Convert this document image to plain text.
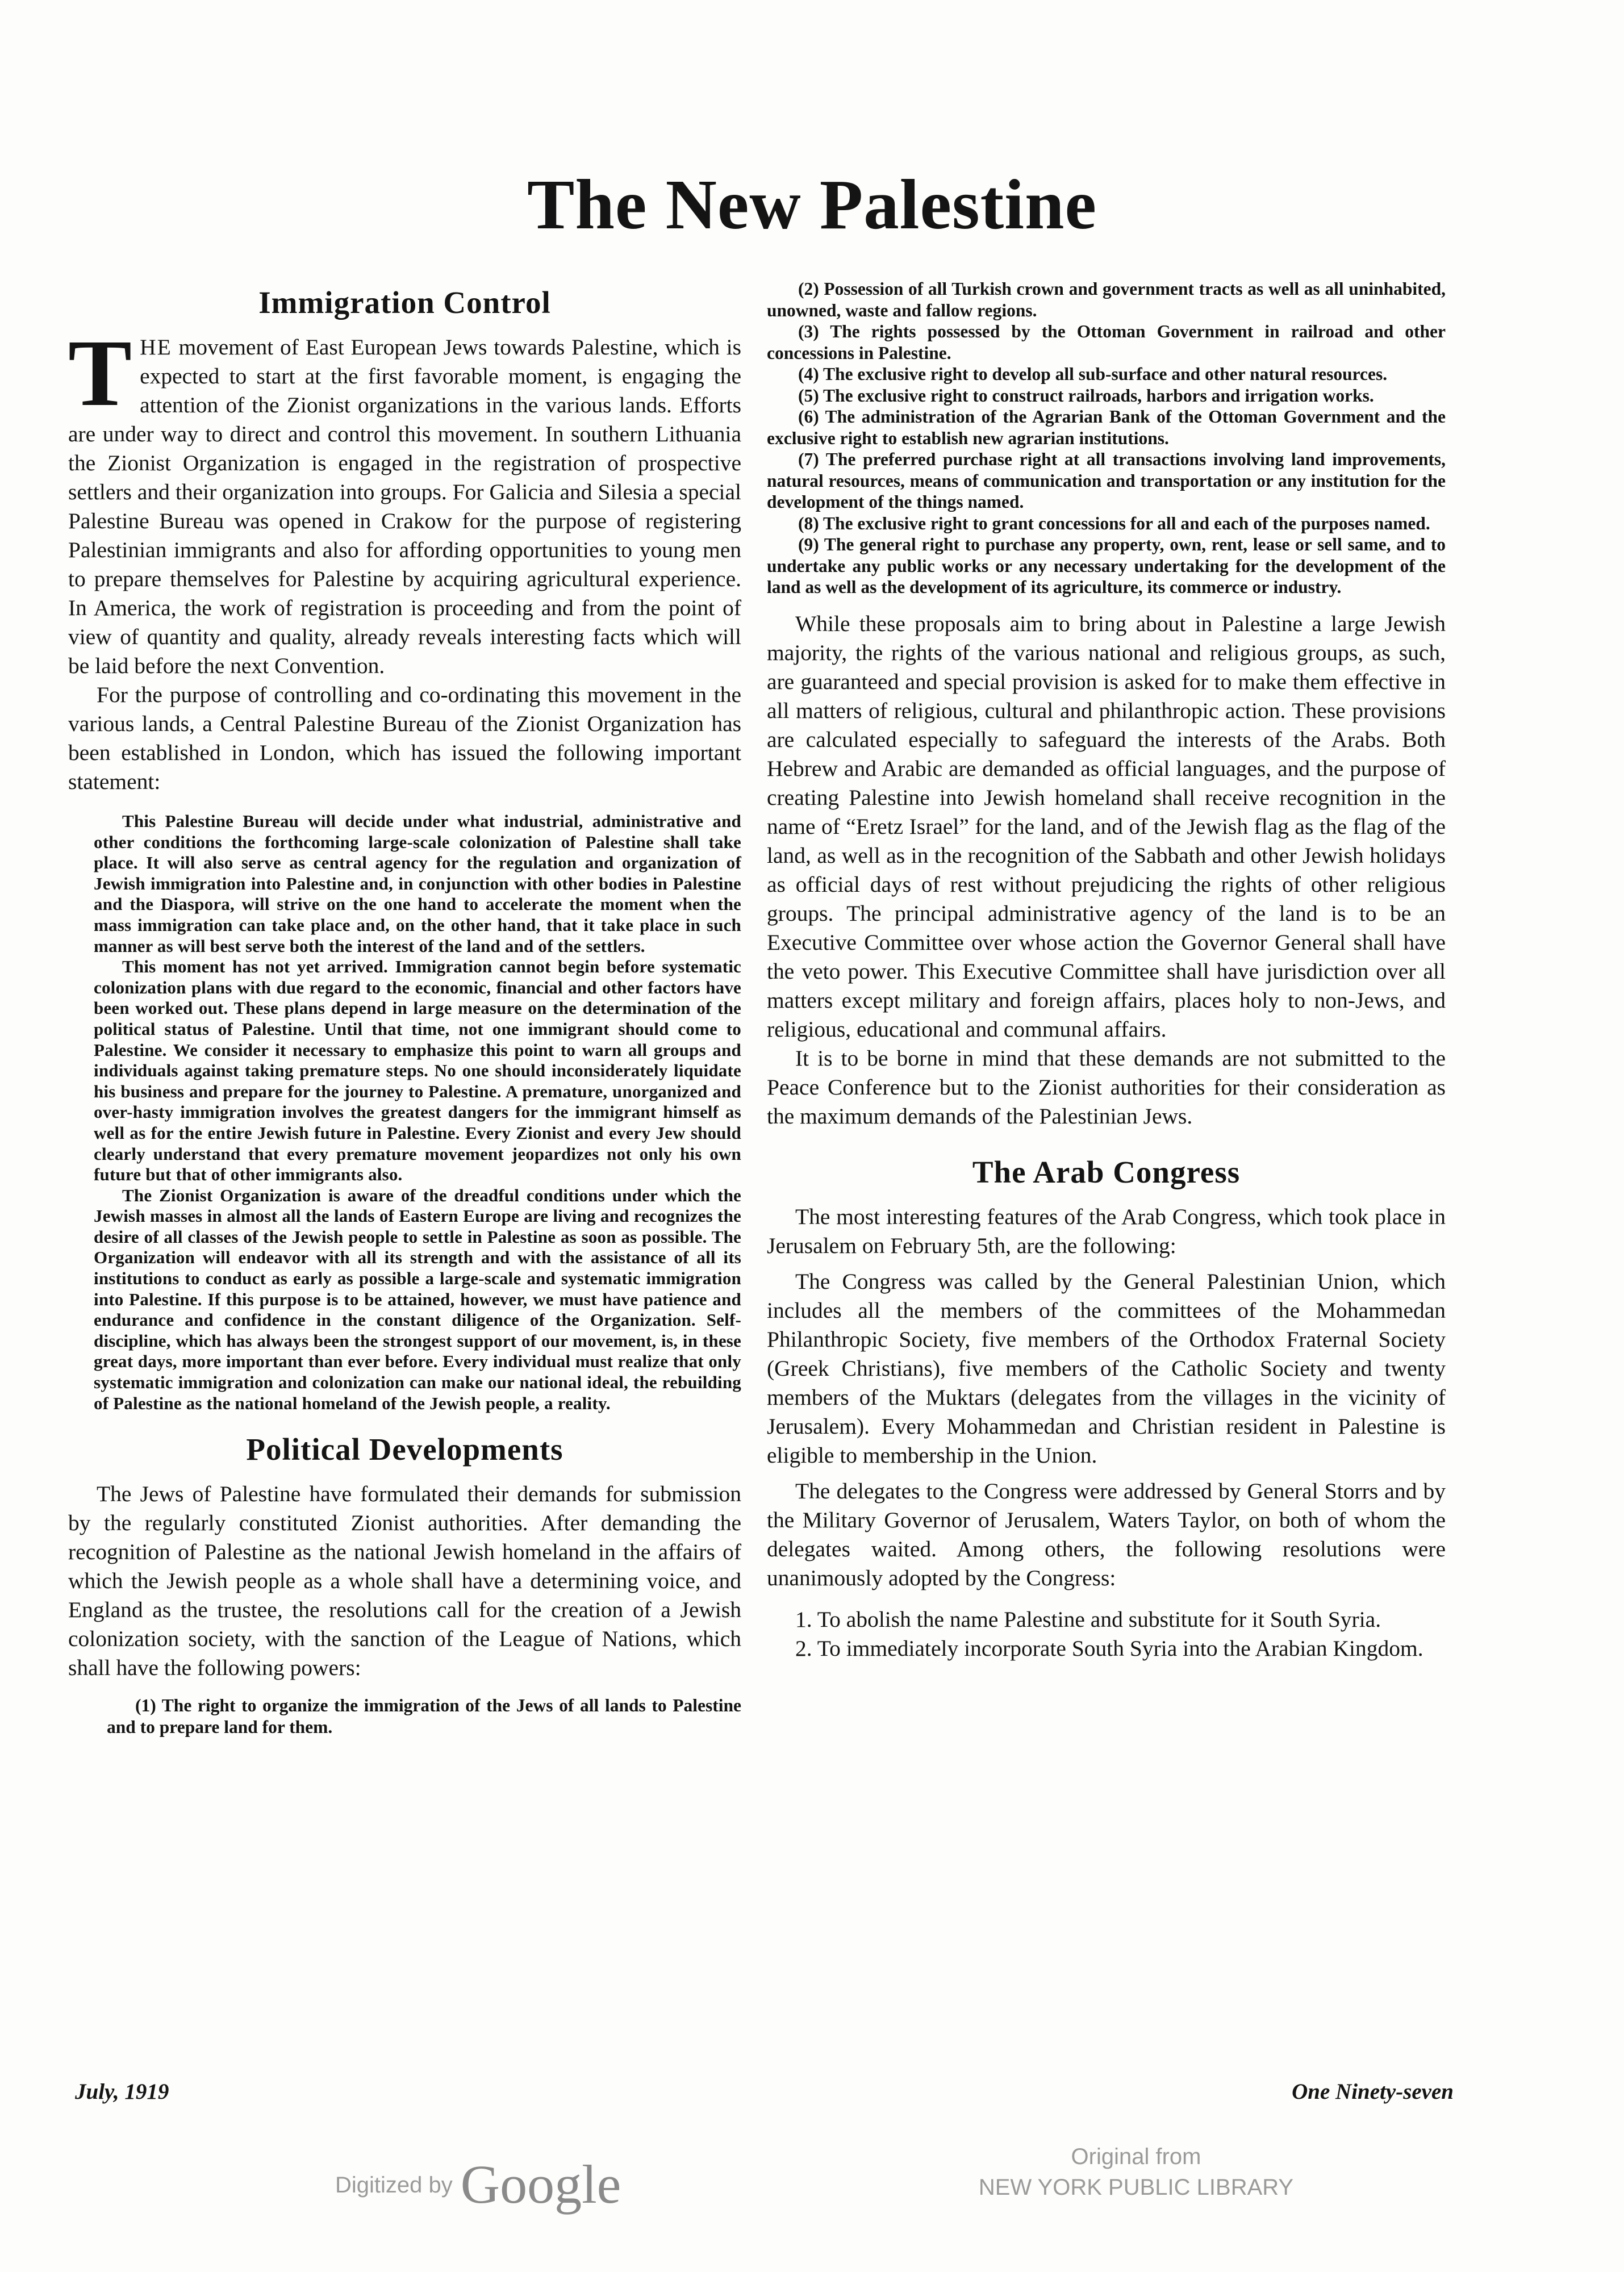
The New Palestine
Immigration Control

THE movement of East European Jews towards Palestine, which is expected to start at the first favorable moment, is engaging the attention of the Zionist organizations in the various lands. Efforts are under way to direct and control this movement. In southern Lithuania the Zionist Organization is engaged in the registration of prospective settlers and their organization into groups. For Galicia and Silesia a special Palestine Bureau was opened in Crakow for the purpose of registering Palestinian immigrants and also for affording opportunities to young men to prepare themselves for Palestine by acquiring agricultural experience. In America, the work of registration is proceeding and from the point of view of quantity and quality, already reveals interesting facts which will be laid before the next Convention.

For the purpose of controlling and co-ordinating this movement in the various lands, a Central Palestine Bureau of the Zionist Organization has been established in London, which has issued the following important statement:

This Palestine Bureau will decide under what industrial, administrative and other conditions the forthcoming large-scale colonization of Palestine shall take place. It will also serve as central agency for the regulation and organization of Jewish immigration into Palestine and, in conjunction with other bodies in Palestine and the Diaspora, will strive on the one hand to accelerate the moment when the mass immigration can take place and, on the other hand, that it take place in such manner as will best serve both the interest of the land and of the settlers.

This moment has not yet arrived. Immigration cannot begin before systematic colonization plans with due regard to the economic, financial and other factors have been worked out. These plans depend in large measure on the determination of the political status of Palestine. Until that time, not one immigrant should come to Palestine. We consider it necessary to emphasize this point to warn all groups and individuals against taking premature steps. No one should inconsiderately liquidate his business and prepare for the journey to Palestine. A premature, unorganized and over-hasty immigration involves the greatest dangers for the immigrant himself as well as for the entire Jewish future in Palestine. Every Zionist and every Jew should clearly understand that every premature movement jeopardizes not only his own future but that of other immigrants also.

The Zionist Organization is aware of the dreadful conditions under which the Jewish masses in almost all the lands of Eastern Europe are living and recognizes the desire of all classes of the Jewish people to settle in Palestine as soon as possible. The Organization will endeavor with all its strength and with the assistance of all its institutions to conduct as early as possible a large-scale and systematic immigration into Palestine. If this purpose is to be attained, however, we must have patience and endurance and confidence in the constant diligence of the Organization. Self-discipline, which has always been the strongest support of our movement, is, in these great days, more important than ever before. Every individual must realize that only systematic immigration and colonization can make our national ideal, the rebuilding of Palestine as the national homeland of the Jewish people, a reality.

Political Developments

The Jews of Palestine have formulated their demands for submission by the regularly constituted Zionist authorities. After demanding the recognition of Palestine as the national Jewish homeland in the affairs of which the Jewish people as a whole shall have a determining voice, and England as the trustee, the resolutions call for the creation of a Jewish colonization society, with the sanction of the League of Nations, which shall have the following powers:

(1) The right to organize the immigration of the Jews of all lands to Palestine and to prepare land for them.

(2) Possession of all Turkish crown and government tracts as well as all uninhabited, unowned, waste and fallow regions.

(3) The rights possessed by the Ottoman Government in railroad and other concessions in Palestine.

(4) The exclusive right to develop all sub-surface and other natural resources.

(5) The exclusive right to construct railroads, harbors and irrigation works.

(6) The administration of the Agrarian Bank of the Ottoman Government and the exclusive right to establish new agrarian institutions.

(7) The preferred purchase right at all transactions involving land improvements, natural resources, means of communication and transportation or any institution for the development of the things named.

(8) The exclusive right to grant concessions for all and each of the purposes named.

(9) The general right to purchase any property, own, rent, lease or sell same, and to undertake any public works or any necessary undertaking for the development of the land as well as the development of its agriculture, its commerce or industry.

While these proposals aim to bring about in Palestine a large Jewish majority, the rights of the various national and religious groups, as such, are guaranteed and special provision is asked for to make them effective in all matters of religious, cultural and philanthropic action. These provisions are calculated especially to safeguard the interests of the Arabs. Both Hebrew and Arabic are demanded as official languages, and the purpose of creating Palestine into Jewish homeland shall receive recognition in the name of “Eretz Israel” for the land, and of the Jewish flag as the flag of the land, as well as in the recognition of the Sabbath and other Jewish holidays as official days of rest without prejudicing the rights of other religious groups. The principal administrative agency of the land is to be an Executive Committee over whose action the Governor General shall have the veto power. This Executive Committee shall have jurisdiction over all matters except military and foreign affairs, places holy to non-Jews, and religious, educational and communal affairs.

It is to be borne in mind that these demands are not submitted to the Peace Conference but to the Zionist authorities for their consideration as the maximum demands of the Palestinian Jews.

The Arab Congress

The most interesting features of the Arab Congress, which took place in Jerusalem on February 5th, are the following:

The Congress was called by the General Palestinian Union, which includes all the members of the committees of the Mohammedan Philanthropic Society, five members of the Orthodox Fraternal Society (Greek Christians), five members of the Catholic Society and twenty members of the Muktars (delegates from the villages in the vicinity of Jerusalem). Every Mohammedan and Christian resident in Palestine is eligible to membership in the Union.

The delegates to the Congress were addressed by General Storrs and by the Military Governor of Jerusalem, Waters Taylor, on both of whom the delegates waited. Among others, the following resolutions were unanimously adopted by the Congress:

1. To abolish the name Palestine and substitute for it South Syria.

2. To immediately incorporate South Syria into the Arabian Kingdom.

July, 1919	One Ninety-seven
Digitized by Google	Original from
NEW YORK PUBLIC LIBRARY
